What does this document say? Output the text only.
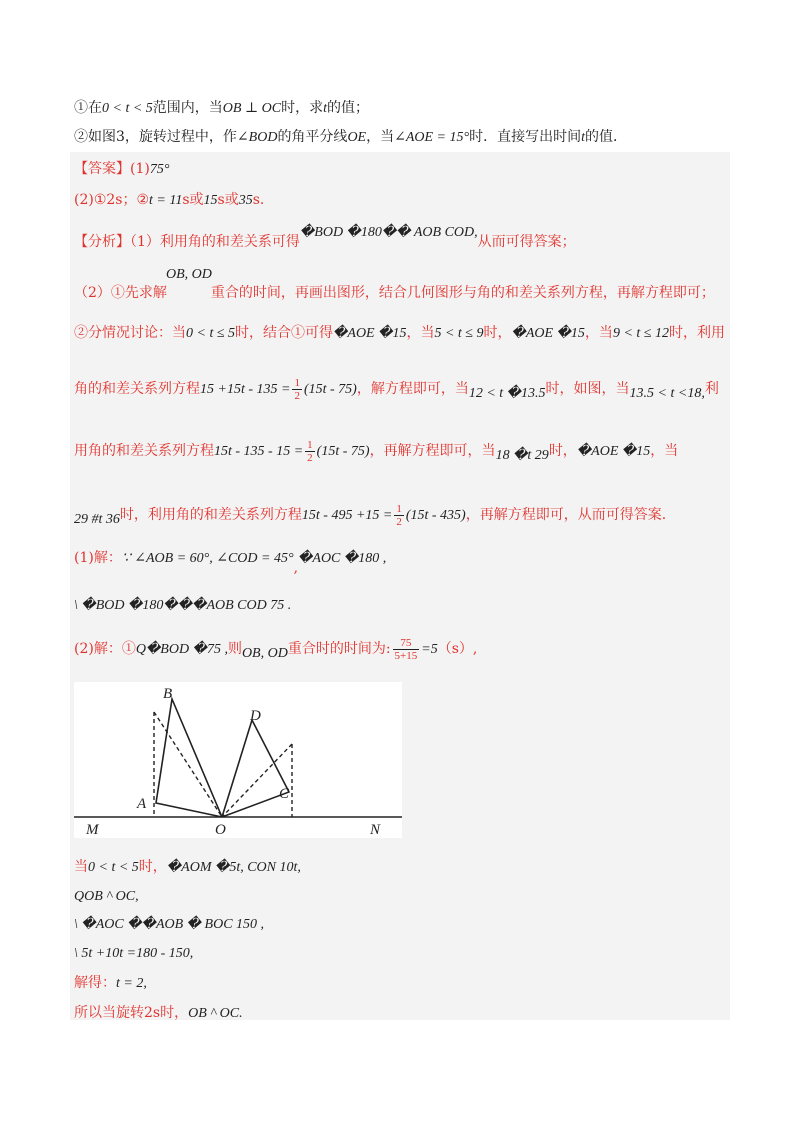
①在0 < t < 5范围内，当OB ⊥ OC时，求t的值；
②如图3，旋转过程中，作∠BOD的角平分线OE，当∠AOE = 15°时．直接写出时间t的值．
【答案】(1)75°
(2)①2s；②t = 11s或15s或35s.
【分析】（1）利用角的和差关系可得�BOD �180�� AOB COD,从而可得答案；
OB, OD
（2）①先求解	重合的时间，再画出图形，结合几何图形与角的和差关系列方程，再解方程即可；
②分情况讨论：当0 < t ≤ 5时，结合①可得�AOE �15，当5 < t ≤ 9时，�AOE �15，当9 < t ≤ 12时，利用
角的和差关系列方程$15 +15t - 135 = \frac{1}{2} (15t - 75)$，解方程即可，当12 < t �13.5时，如图，当13.5 < t <18,利
用角的和差关系列方程$15t - 135 - 15 = \frac{1}{2} (15t - 75)$，再解方程即可，当18 �t 29时，�AOE �15，当
29 #t 36时，利用角的和差关系列方程$15t - 495 +15 = \frac{1}{2} (15t - 435)$，再解方程即可，从而可得答案.
(1)解：∵ ∠AOB = 60°, ∠COD = 45°,�AOC �180 ,
\ �BOD �180���AOB COD 75 .
(2)解：①Q�BOD �75 ,则OB, OD重合时的时间为: $\frac{75}{5+15} =5(s)$,
B
D
A
C
M	O	N
当0 < t < 5时，�AOM �5t, CON 10t,
QOB ^ OC,
\ �AOC ��AOB � BOC 150 ,
\ 5t +10t =180 - 150,
解得：t = 2,
所以当旋转2s时，OB ^ OC.
